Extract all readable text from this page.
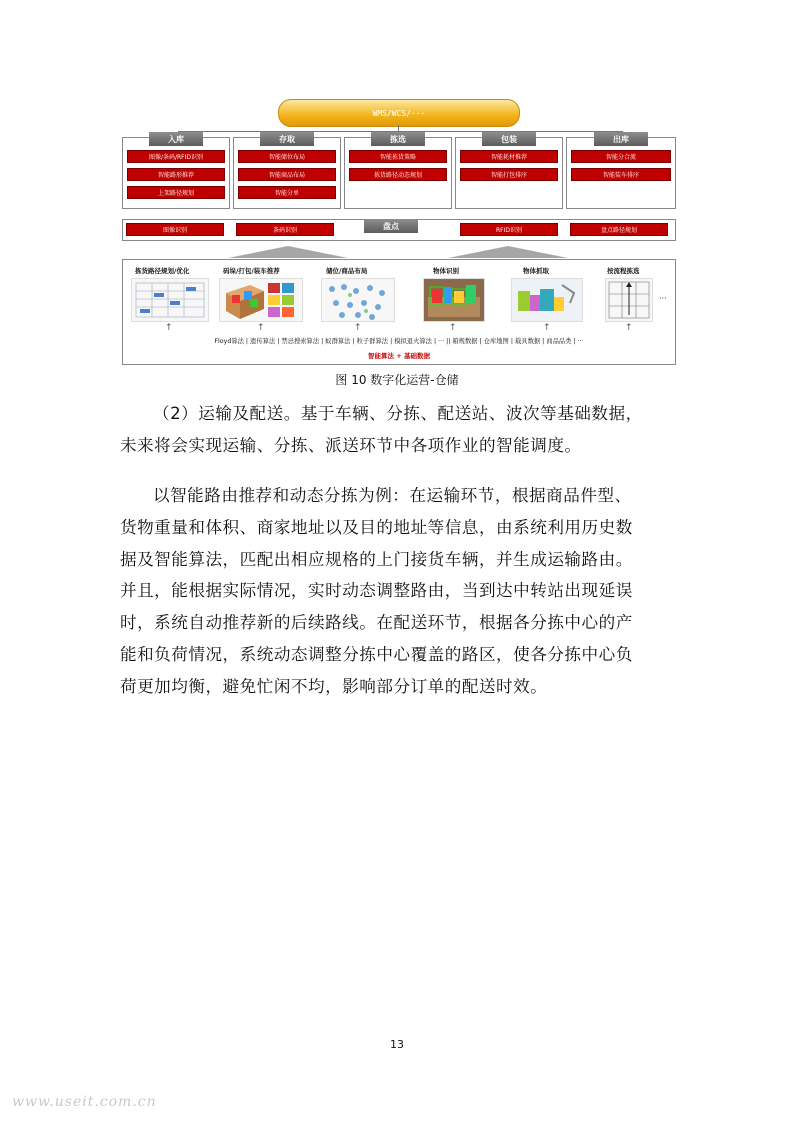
WMS/WCS/···
入库
图像/条码/RFID识别
智能路形推荐
上架路径规划
存取
智能储位布局
智能商品布局
智能分单
拣选
智能拣货策略
拣货路径动态规划
包装
智能耗材推荐
智能打包排序
出库
智能分合流
智能装车排序
盘点
图像识别	条码识别	RFID识别	盘点路径规划
拣货路径规划/优化	码垛/打包/装车推荐	储位/商品布局	物体识别	物体抓取	按流程拣选
···
↑	↑	↑	↑	↑	↑
Floyd算法 | 遗传算法 | 禁忌搜索算法 | 蚁群算法 | 粒子群算法 | 模拟退火算法 | ··· || 箱规数据 | 仓库地图 | 载具数据 | 商品品类 | ···
智能算法 + 基础数据
图 10 数字化运营-仓储
（2）运输及配送。基于车辆、分拣、配送站、波次等基础数据，
未来将会实现运输、分拣、派送环节中各项作业的智能调度。
以智能路由推荐和动态分拣为例：在运输环节，根据商品件型、
货物重量和体积、商家地址以及目的地址等信息，由系统利用历史数
据及智能算法，匹配出相应规格的上门接货车辆，并生成运输路由。
并且，能根据实际情况，实时动态调整路由，当到达中转站出现延误
时，系统自动推荐新的后续路线。在配送环节，根据各分拣中心的产
能和负荷情况，系统动态调整分拣中心覆盖的路区，使各分拣中心负
荷更加均衡，避免忙闲不均，影响部分订单的配送时效。
13
www.useit.com.cn
